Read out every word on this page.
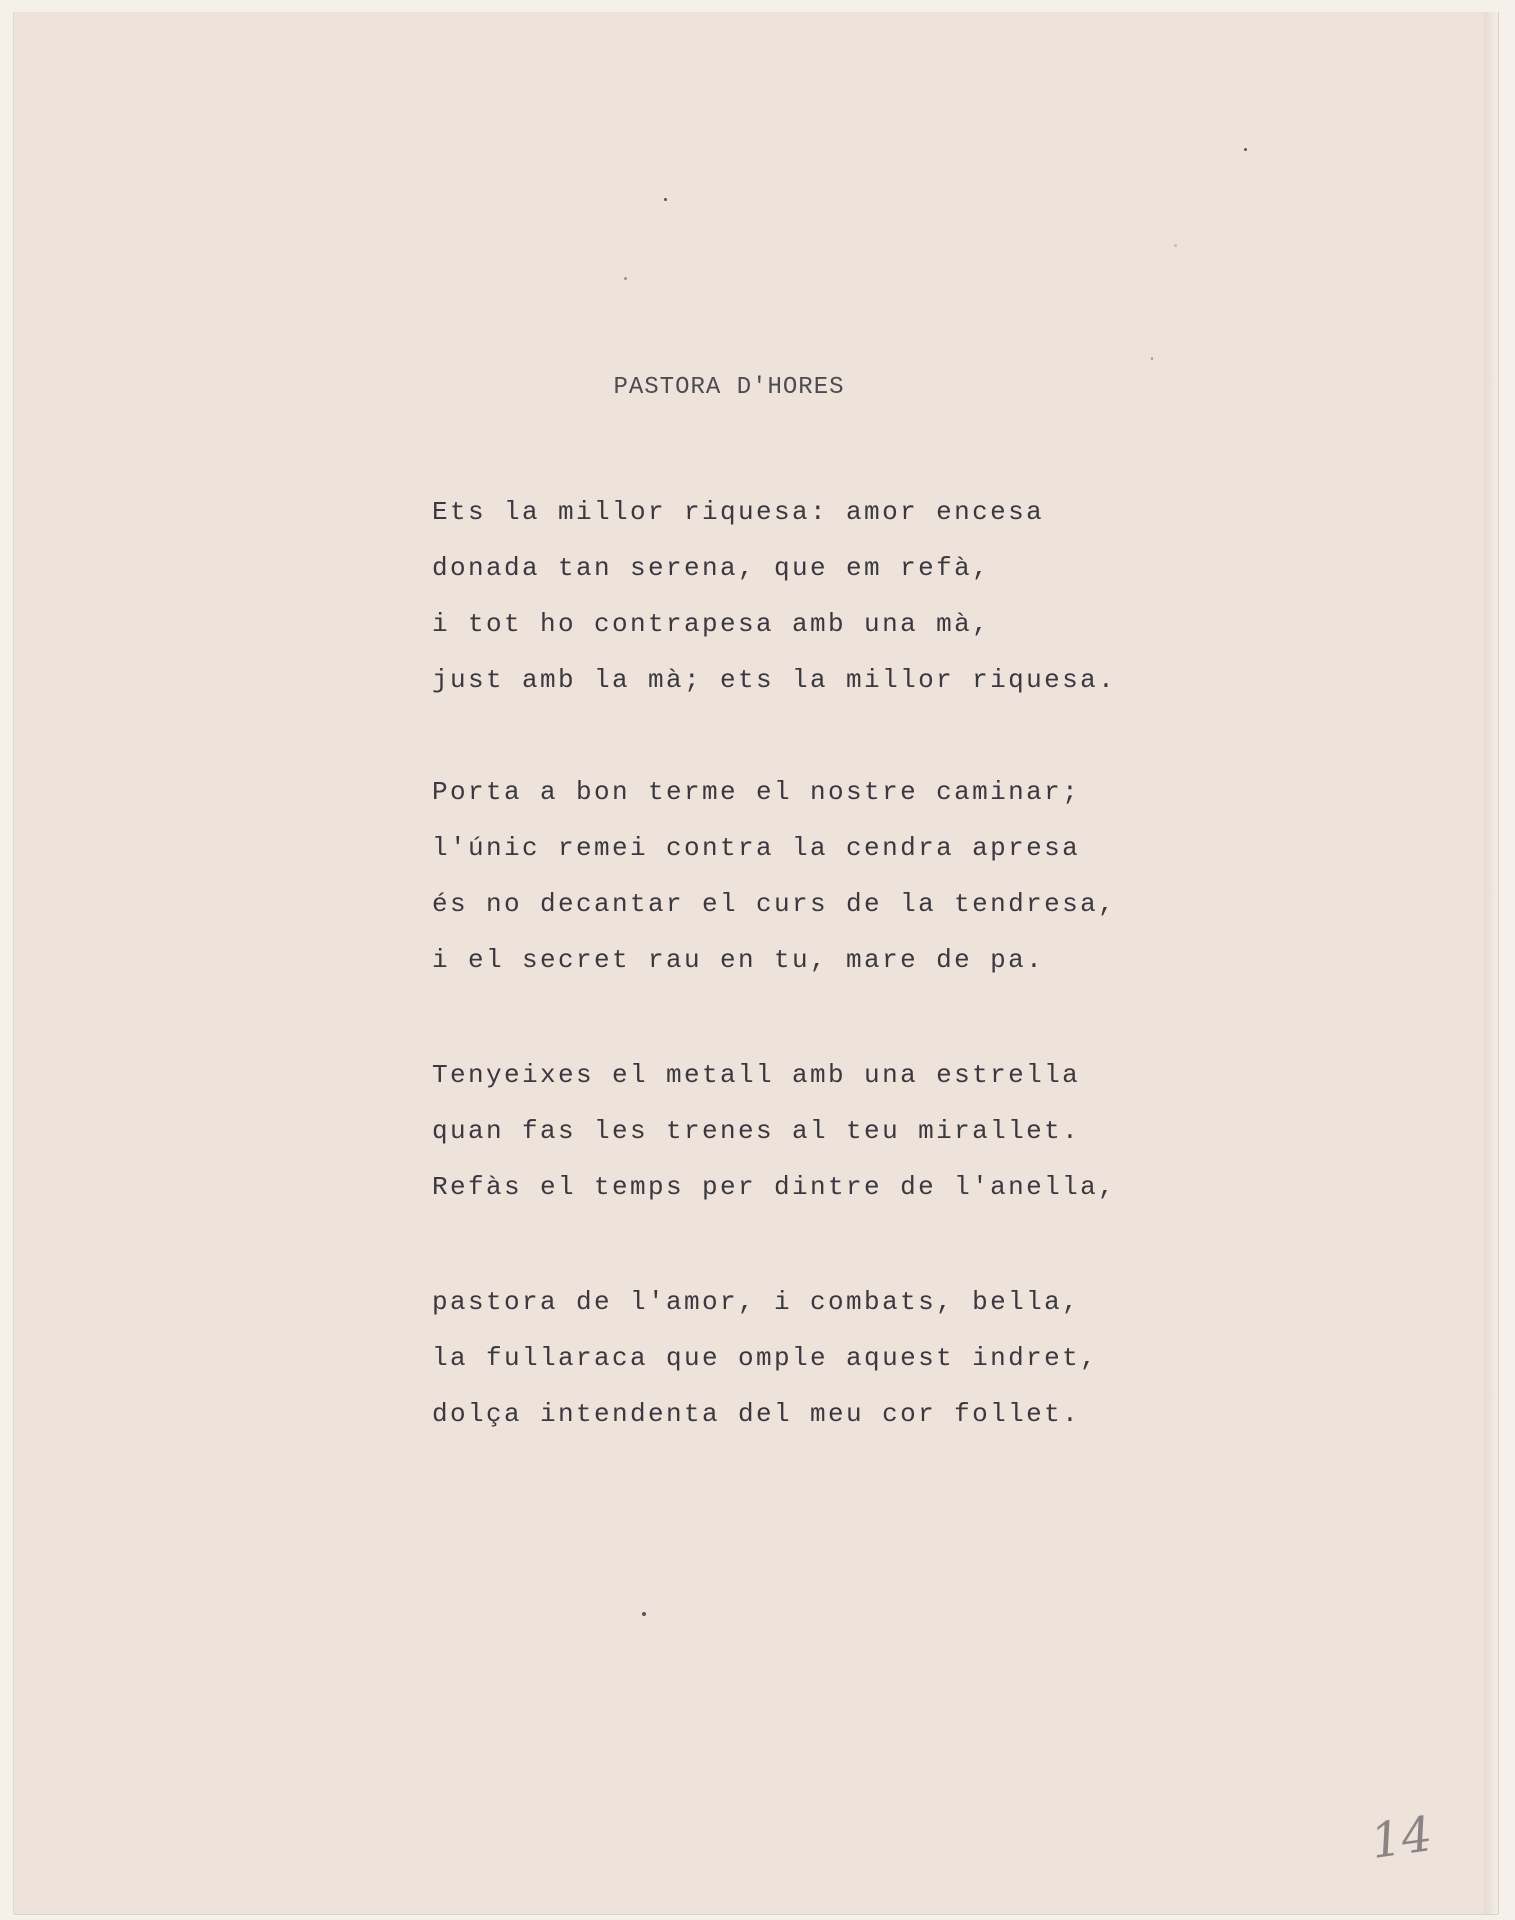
PASTORA D'HORES
Ets la millor riquesa: amor encesa
donada tan serena, que em refà,
i tot ho contrapesa amb una mà,
just amb la mà; ets la millor riquesa.
Porta a bon terme el nostre caminar;
l'únic remei contra la cendra apresa
és no decantar el curs de la tendresa,
i el secret rau en tu, mare de pa.
Tenyeixes el metall amb una estrella
quan fas les trenes al teu mirallet.
Refàs el temps per dintre de l'anella,
pastora de l'amor, i combats, bella,
la fullaraca que omple aquest indret,
dolça intendenta del meu cor follet.
14
